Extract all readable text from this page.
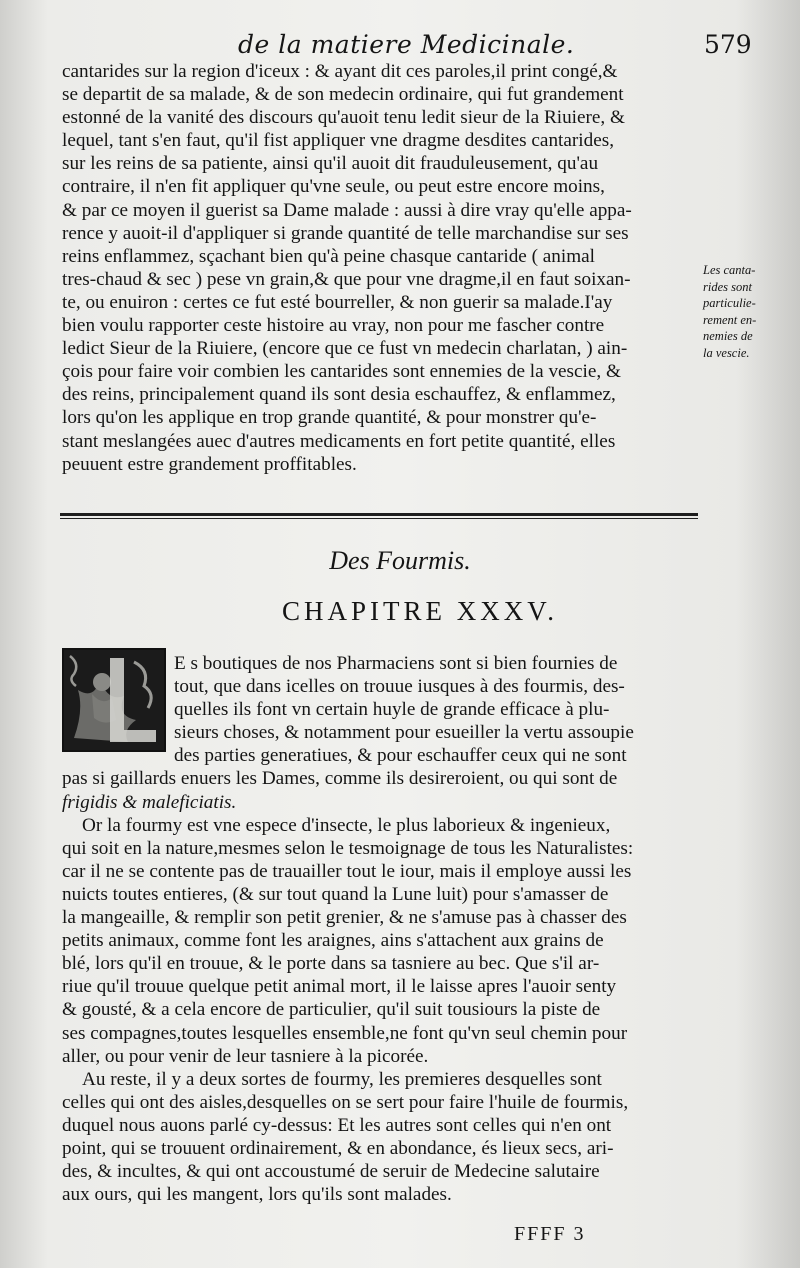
de la matiere Medicinale.	579
cantarides sur la region d'iceux : & ayant dit ces paroles,il print congé,&
se departit de sa malade, & de son medecin ordinaire, qui fut grandement
estonné de la vanité des discours qu'auoit tenu ledit sieur de la Riuiere, &
lequel, tant s'en faut, qu'il fist appliquer vne dragme desdites cantarides,
sur les reins de sa patiente, ainsi qu'il auoit dit frauduleusement, qu'au
contraire, il n'en fit appliquer qu'vne seule, ou peut estre encore moins,
& par ce moyen il guerist sa Dame malade : aussi à dire vray qu'elle appa-
rence y auoit-il d'appliquer si grande quantité de telle marchandise sur ses
reins enflammez, sçachant bien qu'à peine chasque cantaride ( animal
tres-chaud & sec ) pese vn grain,& que pour vne dragme,il en faut soixan-
te, ou enuiron : certes ce fut esté bourreller, & non guerir sa malade.I'ay
bien voulu rapporter ceste histoire au vray, non pour me fascher contre
ledict Sieur de la Riuiere, (encore que ce fust vn medecin charlatan, ) ain-
çois pour faire voir combien les cantarides sont ennemies de la vescie, &
des reins, principalement quand ils sont desia eschauffez, & enflammez,
lors qu'on les applique en trop grande quantité, & pour monstrer qu'e-
stant meslangées auec d'autres medicaments en fort petite quantité, elles
peuuent estre grandement proffitables.
Les canta-
rides sont
particulie-
rement en-
nemies de
la vescie.
Des Fourmis.
CHAPITRE XXXV.
E s boutiques de nos Pharmaciens sont si bien fournies de
tout, que dans icelles on trouue iusques à des fourmis, des-
quelles ils font vn certain huyle de grande efficace à plu-
sieurs choses, & notamment pour esueiller la vertu assoupie
des parties generatiues, & pour eschauffer ceux qui ne sont
pas si gaillards enuers les Dames, comme ils desireroient, ou qui sont de
frigidis & maleficiatis.
Or la fourmy est vne espece d'insecte, le plus laborieux & ingenieux,
qui soit en la nature,mesmes selon le tesmoignage de tous les Naturalistes:
car il ne se contente pas de trauailler tout le iour, mais il employe aussi les
nuicts toutes entieres, (& sur tout quand la Lune luit) pour s'amasser de
la mangeaille, & remplir son petit grenier, & ne s'amuse pas à chasser des
petits animaux, comme font les araignes, ains s'attachent aux grains de
blé, lors qu'il en trouue, & le porte dans sa tasniere au bec. Que s'il ar-
riue qu'il trouue quelque petit animal mort, il le laisse apres l'auoir senty
& gousté, & a cela encore de particulier, qu'il suit tousiours la piste de
ses compagnes,toutes lesquelles ensemble,ne font qu'vn seul chemin pour
aller, ou pour venir de leur tasniere à la picorée.
Au reste, il y a deux sortes de fourmy, les premieres desquelles sont
celles qui ont des aisles,desquelles on se sert pour faire l'huile de fourmis,
duquel nous auons parlé cy-dessus: Et les autres sont celles qui n'en ont
point, qui se trouuent ordinairement, & en abondance, és lieux secs, ari-
des, & incultes, & qui ont accoustumé de seruir de Medecine salutaire
aux ours, qui les mangent, lors qu'ils sont malades.
FFFF 3
